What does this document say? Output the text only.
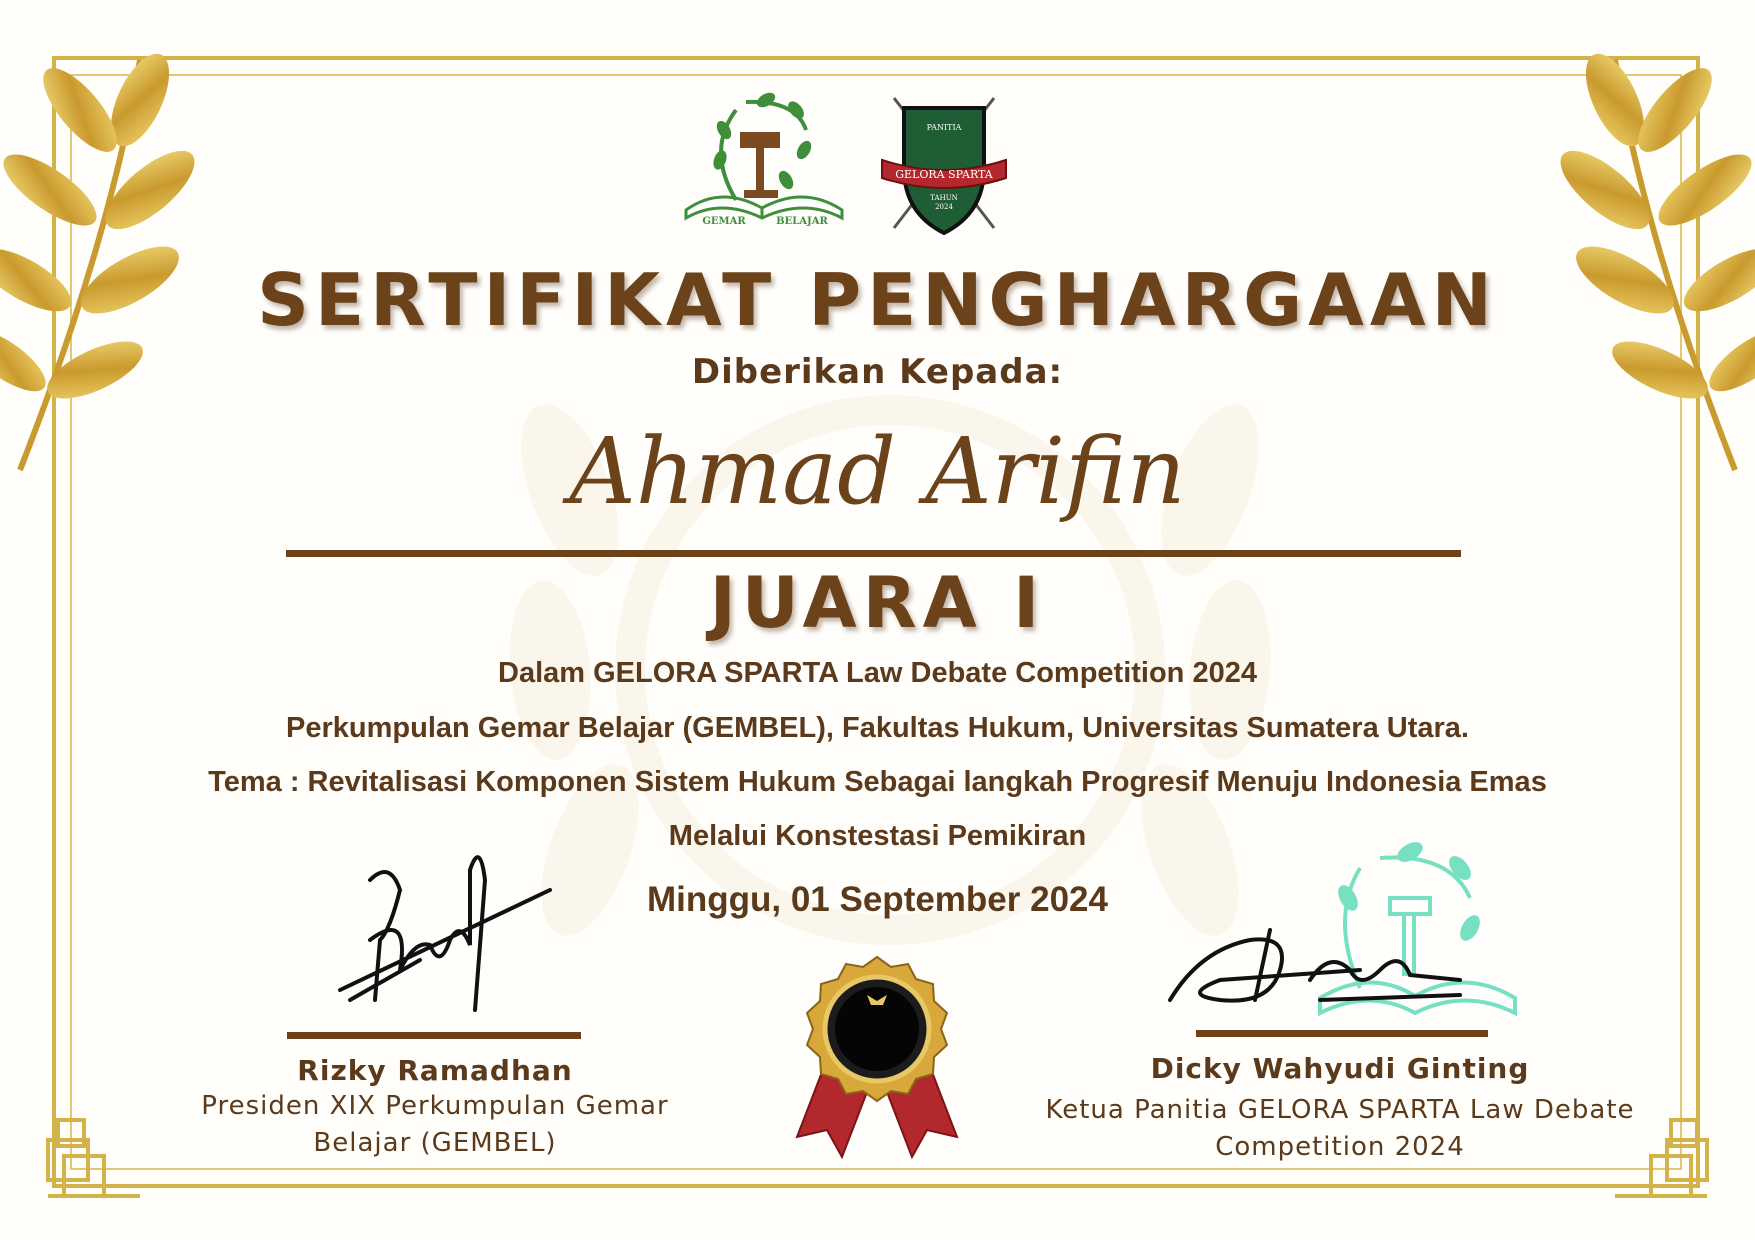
GEMAR	BELAJAR
PANITIA
GELORA SPARTA
TAHUN
2024
SERTIFIKAT PENGHARGAAN
Diberikan Kepada:
Ahmad Arifin
JUARA I
Dalam GELORA SPARTA Law Debate Competition 2024
Perkumpulan Gemar Belajar (GEMBEL), Fakultas Hukum, Universitas Sumatera Utara.
Tema : Revitalisasi Komponen Sistem Hukum Sebagai langkah Progresif Menuju Indonesia Emas
Melalui Konstestasi Pemikiran
Minggu, 01 September 2024
Rizky Ramadhan
Presiden XIX Perkumpulan Gemar
Belajar (GEMBEL)
Dicky Wahyudi Ginting
Ketua Panitia GELORA SPARTA Law Debate
Competition 2024
